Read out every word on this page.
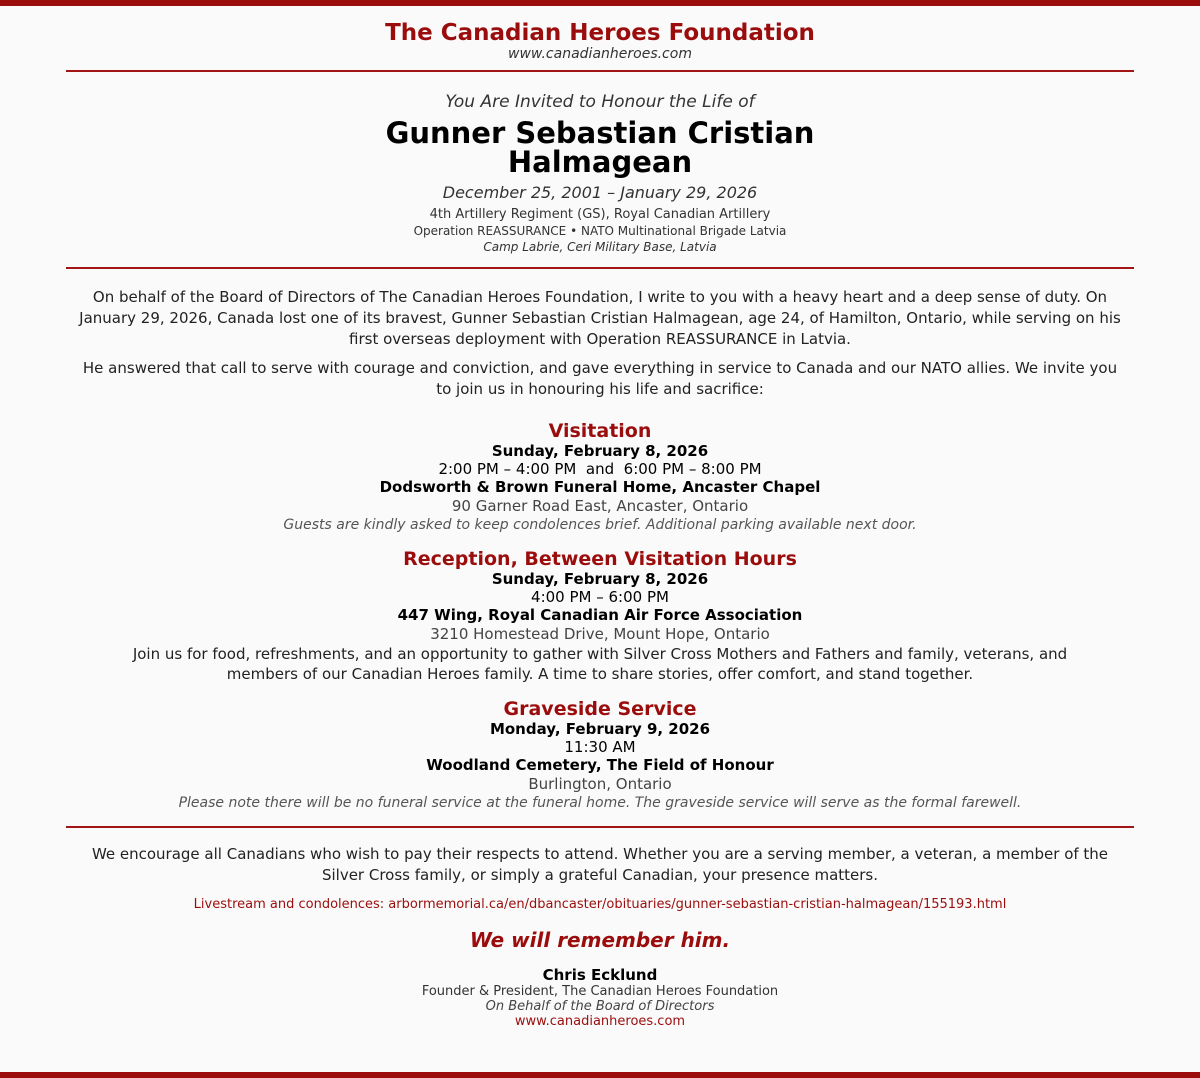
The Canadian Heroes Foundation
www.canadianheroes.com
You Are Invited to Honour the Life of
Gunner Sebastian Cristian
Halmagean
December 25, 2001 – January 29, 2026
4th Artillery Regiment (GS), Royal Canadian Artillery
Operation REASSURANCE • NATO Multinational Brigade Latvia
Camp Labrie, Ceri Military Base, Latvia

On behalf of the Board of Directors of The Canadian Heroes Foundation, I write to you with a heavy heart and a deep sense of duty. On January 29, 2026, Canada lost one of its bravest, Gunner Sebastian Cristian Halmagean, age 24, of Hamilton, Ontario, while serving on his first overseas deployment with Operation REASSURANCE in Latvia.

He answered that call to serve with courage and conviction, and gave everything in service to Canada and our NATO allies. We invite you to join us in honouring his life and sacrifice:

Visitation
Sunday, February 8, 2026
2:00 PM – 4:00 PM  and  6:00 PM – 8:00 PM
Dodsworth & Brown Funeral Home, Ancaster Chapel
90 Garner Road East, Ancaster, Ontario
Guests are kindly asked to keep condolences brief. Additional parking available next door.
Reception, Between Visitation Hours
Sunday, February 8, 2026
4:00 PM – 6:00 PM
447 Wing, Royal Canadian Air Force Association
3210 Homestead Drive, Mount Hope, Ontario
Join us for food, refreshments, and an opportunity to gather with Silver Cross Mothers and Fathers and family, veterans, and members of our Canadian Heroes family. A time to share stories, offer comfort, and stand together.
Graveside Service
Monday, February 9, 2026
11:30 AM
Woodland Cemetery, The Field of Honour
Burlington, Ontario
Please note there will be no funeral service at the funeral home. The graveside service will serve as the formal farewell.

We encourage all Canadians who wish to pay their respects to attend. Whether you are a serving member, a veteran, a member of the Silver Cross family, or simply a grateful Canadian, your presence matters.

Livestream and condolences: arbormemorial.ca/en/dbancaster/obituaries/gunner-sebastian-cristian-halmagean/155193.html
We will remember him.
Chris Ecklund
Founder & President, The Canadian Heroes Foundation
On Behalf of the Board of Directors
www.canadianheroes.com
